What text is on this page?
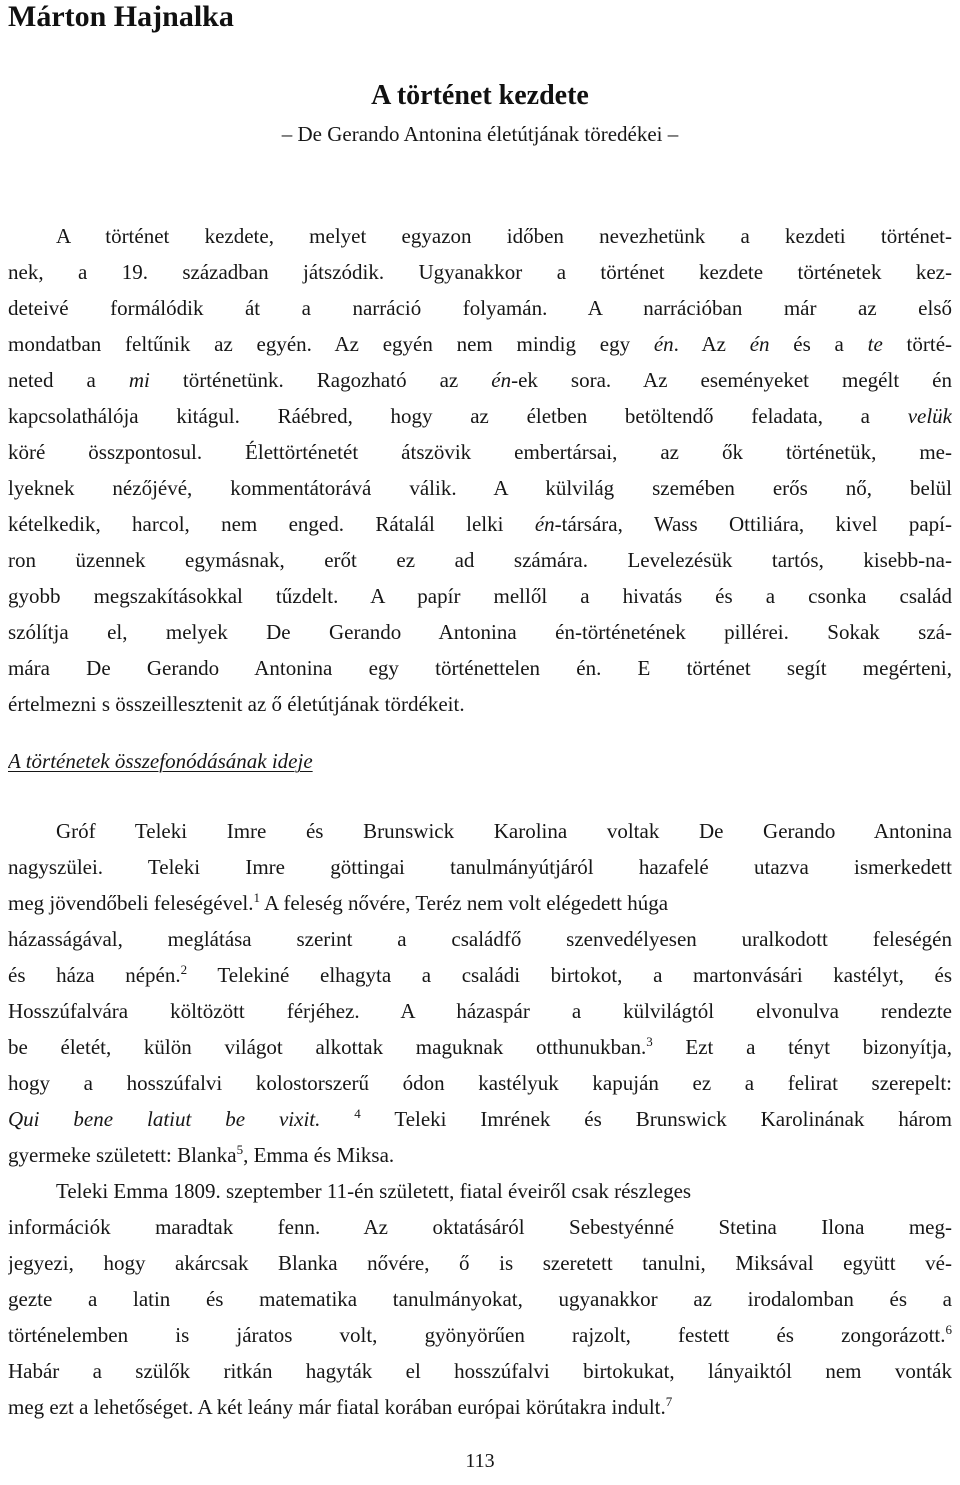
Márton Hajnalka
A történet kezdete
– De Gerando Antonina életútjának töredékei –
A történet kezdete, melyet egyazon időben nevezhetünk a kezdeti történet-
nek, a 19. században játszódik. Ugyanakkor a történet kezdete történetek kez-
deteivé formálódik át a narráció folyamán. A narrációban már az első
mondatban feltűnik az egyén. Az egyén nem mindig egy én. Az én és a te törté-
neted a mi történetünk. Ragozható az én-ek sora. Az eseményeket megélt én
kapcsolathálója kitágul. Ráébred, hogy az életben betöltendő feladata, a velük
köré összpontosul. Élettörténetét átszövik embertársai, az ők történetük, me-
lyeknek nézőjévé, kommentátorává válik. A külvilág szemében erős nő, belül
kételkedik, harcol, nem enged. Rátalál lelki én-társára, Wass Ottiliára, kivel papí-
ron üzennek egymásnak, erőt ez ad számára. Levelezésük tartós, kisebb-na-
gyobb megszakításokkal tűzdelt. A papír mellől a hivatás és a csonka család
szólítja el, melyek De Gerando Antonina én-történetének pillérei. Sokak szá-
mára De Gerando Antonina egy történettelen én. E történet segít megérteni,
értelmezni s összeillesztenit az ő életútjának tördékeit.
A történetek összefonódásának ideje
Gróf Teleki Imre és Brunswick Karolina voltak De Gerando Antonina
nagyszülei. Teleki Imre göttingai tanulmányútjáról hazafelé utazva ismerkedett
meg jövendőbeli feleségével.$^1$ A feleség nővére, Teréz nem volt elégedett húga
házasságával, meglátása szerint a családfő szenvedélyesen uralkodott feleségén
és háza népén.$^2$ Telekiné elhagyta a családi birtokot, a martonvásári kastélyt, és
Hosszúfalvára költözött férjéhez. A házaspár a külvilágtól elvonulva rendezte
be életét, külön világot alkottak maguknak otthunukban.$^3$ Ezt a tényt bizonyítja,
hogy a hosszúfalvi kolostorszerű ódon kastélyuk kapuján ez a felirat szerepelt:
Qui bene latiut be vixit.	$^4$ Teleki Imrének és Brunswick Karolinának három
gyermeke született: Blanka$^5$, Emma és Miksa.
Teleki Emma 1809. szeptember 11-én született, fiatal éveiről csak részleges
információk maradtak fenn. Az oktatásáról Sebestyénné Stetina Ilona meg-
jegyezi, hogy akárcsak Blanka nővére, ő is szeretett tanulni, Miksával együtt vé-
gezte a latin és matematika tanulmányokat, ugyanakkor az irodalomban és a
történelemben is járatos volt, gyönyörűen rajzolt, festett és zongorázott.$^6$
Habár a szülők ritkán hagyták el hosszúfalvi birtokukat, lányaiktól nem vonták
meg ezt a lehetőséget. A két leány már fiatal korában európai körútakra indult.$^7$
113
